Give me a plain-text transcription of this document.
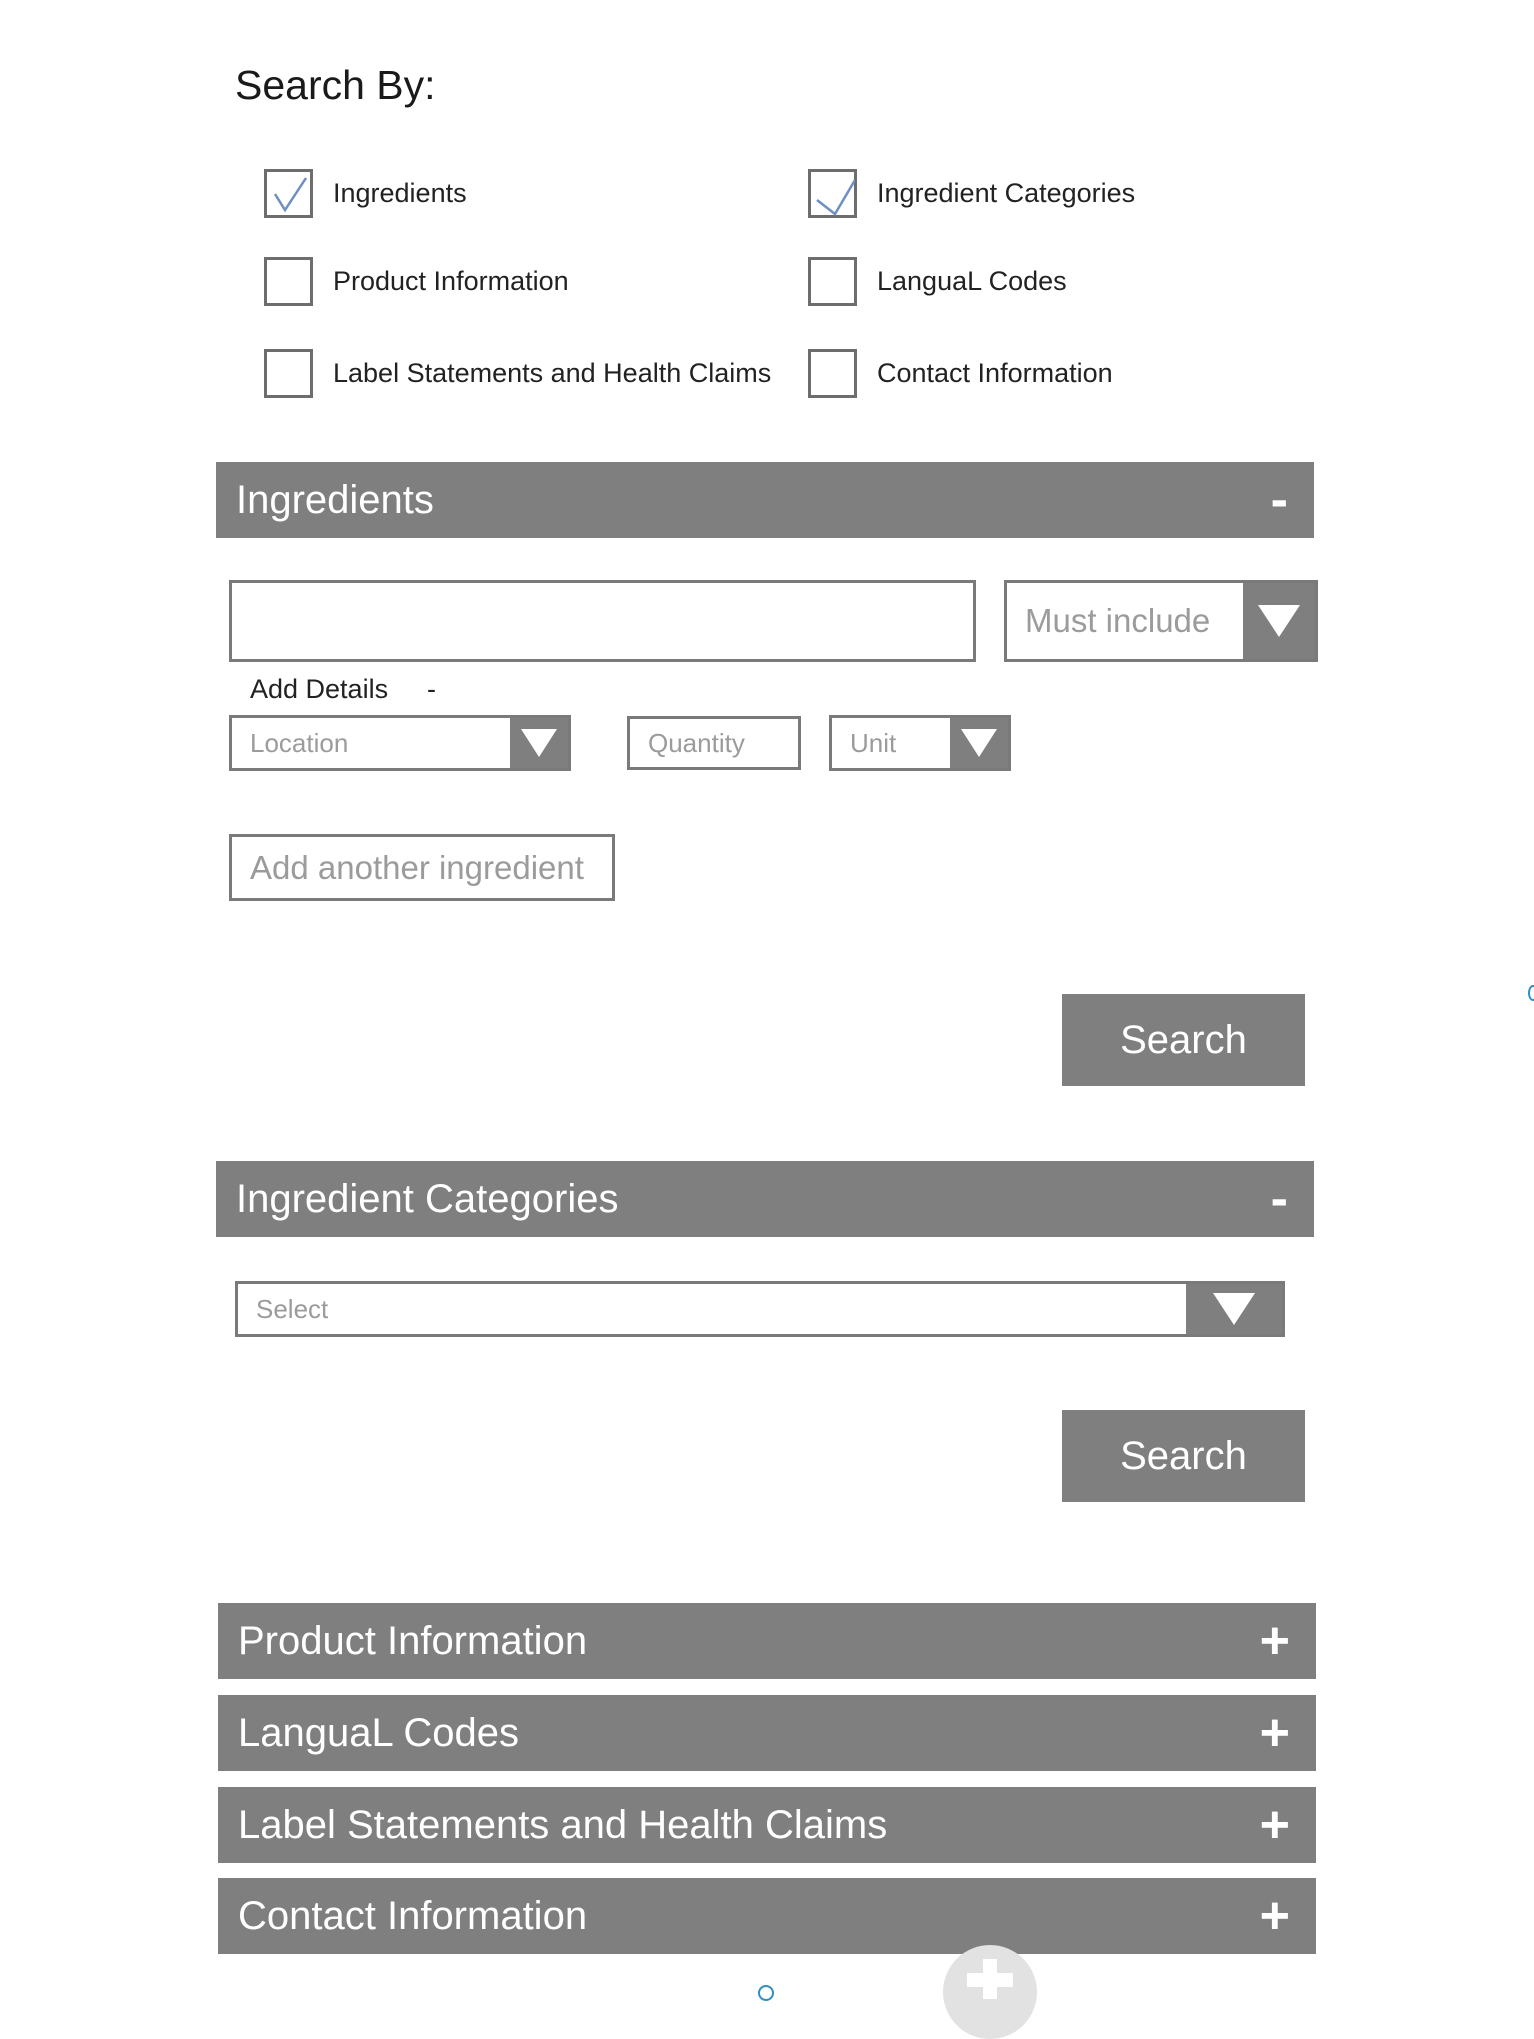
Search By:
Ingredients	Ingredient Categories
Product Information	LanguaL Codes
Label Statements and Health Claims	Contact Information
Ingredients	-
Must include
Add Details -
Location	Quantity	Unit
Add another ingredient
Search
Ingredient Categories	-
Select
Search
Product Information	+
LanguaL Codes	+
Label Statements and Health Claims	+
Contact Information	+
